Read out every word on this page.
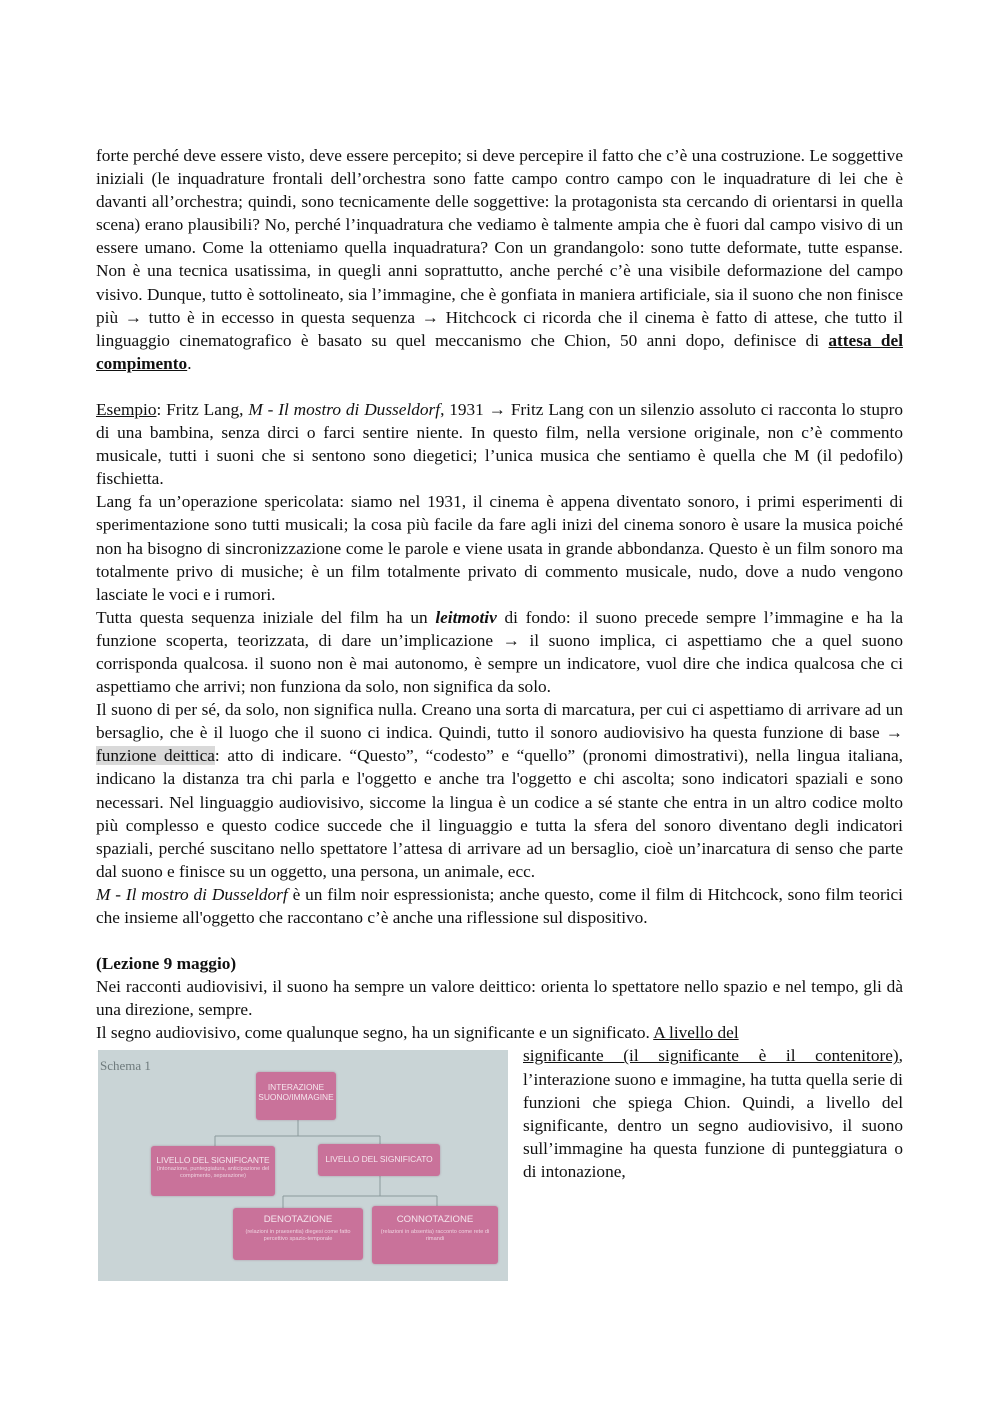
forte perché deve essere visto, deve essere percepito; si deve percepire il fatto che c’è una costruzione. Le soggettive iniziali (le inquadrature frontali dell’orchestra sono fatte campo contro campo con le inquadrature di lei che è davanti all’orchestra; quindi, sono tecnicamente delle soggettive: la protagonista sta cercando di orientarsi in quella scena) erano plausibili? No, perché l’inquadratura che vediamo è talmente ampia che è fuori dal campo visivo di un essere umano. Come la otteniamo quella inquadratura? Con un grandangolo: sono tutte deformate, tutte espanse. Non è una tecnica usatissima, in quegli anni soprattutto, anche perché c’è una visibile deformazione del campo visivo. Dunque, tutto è sottolineato, sia l’immagine, che è gonfiata in maniera artificiale, sia il suono che non finisce più → tutto è in eccesso in questa sequenza → Hitchcock ci ricorda che il cinema è fatto di attese, che tutto il linguaggio cinematografico è basato su quel meccanismo che Chion, 50 anni dopo, definisce di attesa del compimento.

Esempio: Fritz Lang, M - Il mostro di Dusseldorf, 1931 → Fritz Lang con un silenzio assoluto ci racconta lo stupro di una bambina, senza dirci o farci sentire niente. In questo film, nella versione originale, non c’è commento musicale, tutti i suoni che si sentono sono diegetici; l’unica musica che sentiamo è quella che M (il pedofilo) fischietta.

Lang fa un’operazione spericolata: siamo nel 1931, il cinema è appena diventato sonoro, i primi esperimenti di sperimentazione sono tutti musicali; la cosa più facile da fare agli inizi del cinema sonoro è usare la musica poiché non ha bisogno di sincronizzazione come le parole e viene usata in grande abbondanza. Questo è un film sonoro ma totalmente privo di musiche; è un film totalmente privato di commento musicale, nudo, dove a nudo vengono lasciate le voci e i rumori.

Tutta questa sequenza iniziale del film ha un leitmotiv di fondo: il suono precede sempre l’immagine e ha la funzione scoperta, teorizzata, di dare un’implicazione → il suono implica, ci aspettiamo che a quel suono corrisponda qualcosa. il suono non è mai autonomo, è sempre un indicatore, vuol dire che indica qualcosa che ci aspettiamo che arrivi; non funziona da solo, non significa da solo.

Il suono di per sé, da solo, non significa nulla. Creano una sorta di marcatura, per cui ci aspettiamo di arrivare ad un bersaglio, che è il luogo che il suono ci indica. Quindi, tutto il sonoro audiovisivo ha questa funzione di base → funzione deittica: atto di indicare. “Questo”, “codesto” e “quello” (pronomi dimostrativi), nella lingua italiana, indicano la distanza tra chi parla e l'oggetto e anche tra l'oggetto e chi ascolta; sono indicatori spaziali e sono necessari. Nel linguaggio audiovisivo, siccome la lingua è un codice a sé stante che entra in un altro codice molto più complesso e questo codice succede che il linguaggio e tutta la sfera del sonoro diventano degli indicatori spaziali, perché suscitano nello spettatore l’attesa di arrivare ad un bersaglio, cioè un’inarcatura di senso che parte dal suono e finisce su un oggetto, una persona, un animale, ecc.

M - Il mostro di Dusseldorf è un film noir espressionista; anche questo, come il film di Hitchcock, sono film teorici che insieme all'oggetto che raccontano c’è anche una riflessione sul dispositivo.

(Lezione 9 maggio)

Nei racconti audiovisivi, il suono ha sempre un valore deittico: orienta lo spettatore nello spazio e nel tempo, gli dà una direzione, sempre.

Il segno audiovisivo, come qualunque segno, ha un significante e un significato. A livello del

Schema 1
INTERAZIONE SUONO/IMMAGINE
LIVELLO DEL SIGNIFICANTE
(intonazione, punteggiatura, anticipazione del compimento, separazione)
LIVELLO DEL SIGNIFICATO
DENOTAZIONE
(relazioni in praesentia) diegesi come fatto percettivo spazio-temporale
CONNOTAZIONE
(relazioni in absentia) racconto come rete di rimandi
significante (il significante è il contenitore), l’interazione suono e immagine, ha tutta quella serie di funzioni che spiega Chion. Quindi, a livello del significante, dentro un segno audiovisivo, il suono sull’immagine ha questa funzione di punteggiatura o di intonazione,
